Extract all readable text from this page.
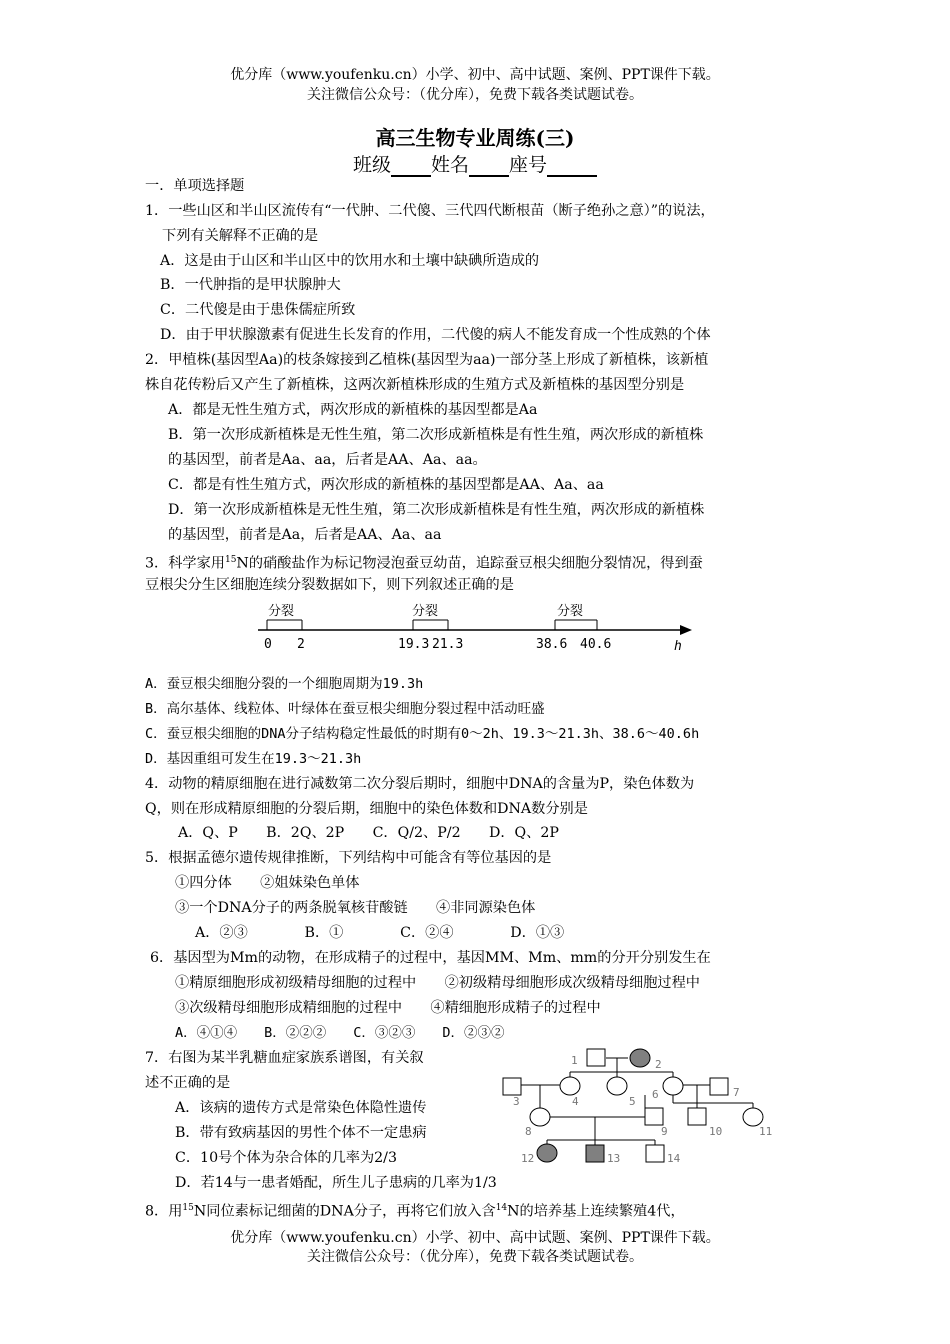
优分库（www.youfenku.cn）小学、初中、高中试题、案例、PPT课件下载。
关注微信公众号：（优分库），免费下载各类试题试卷。
高三生物专业周练(三)
班级 姓名 座号
一．单项选择题
1．一些山区和半山区流传有“一代肿、二代傻、三代四代断根苗（断子绝孙之意）”的说法，
下列有关解释不正确的是
A．这是由于山区和半山区中的饮用水和土壤中缺碘所造成的
B．一代肿指的是甲状腺肿大
C．二代傻是由于患侏儒症所致
D．由于甲状腺激素有促进生长发育的作用，二代傻的病人不能发育成一个性成熟的个体
2．甲植株(基因型Aa)的枝条嫁接到乙植株(基因型为aa)一部分茎上形成了新植株，该新植
株自花传粉后又产生了新植株，这两次新植株形成的生殖方式及新植株的基因型分别是
A．都是无性生殖方式，两次形成的新植株的基因型都是Aa
B．第一次形成新植株是无性生殖，第二次形成新植株是有性生殖，两次形成的新植株
的基因型，前者是Aa、aa，后者是AA、Aa、aa。
C．都是有性生殖方式，两次形成的新植株的基因型都是AA、Aa、aa
D．第一次形成新植株是无性生殖，第二次形成新植株是有性生殖，两次形成的新植株
的基因型，前者是Aa，后者是AA、Aa、aa
3．科学家用$^{15}$N的硝酸盐作为标记物浸泡蚕豆幼苗，追踪蚕豆根尖细胞分裂情况，得到蚕
豆根尖分生区细胞连续分裂数据如下，则下列叙述正确的是
分裂	分裂	分裂
0 2	19.3 21.3	38.6 40.6	h
A．蚕豆根尖细胞分裂的一个细胞周期为19.3h
B．高尔基体、线粒体、叶绿体在蚕豆根尖细胞分裂过程中活动旺盛
C．蚕豆根尖细胞的DNA分子结构稳定性最低的时期有0～2h、19.3～21.3h、38.6～40.6h
D．基因重组可发生在19.3～21.3h
4．动物的精原细胞在进行减数第二次分裂后期时，细胞中DNA的含量为P，染色体数为
Q，则在形成精原细胞的分裂后期，细胞中的染色体数和DNA数分别是
A．Q、P　　B．2Q、2P　　C．Q/2、P/2　　D．Q、2P
5．根据孟德尔遗传规律推断，下列结构中可能含有等位基因的是
①四分体　　②姐妹染色单体
③一个DNA分子的两条脱氧核苷酸链　　④非同源染色体
A．②③　　　　B．①　　　　C．②④　　　　D．①③
6．基因型为Mm的动物，在形成精子的过程中，基因MM、Mm、mm的分开分别发生在
①精原细胞形成初级精母细胞的过程中　　②初级精母细胞形成次级精母细胞过程中
③次级精母细胞形成精细胞的过程中　　④精细胞形成精子的过程中
A．④①④　　B．②②②　　C．③②③　　D．②③②
7．右图为某半乳糖血症家族系谱图，有关叙
述不正确的是
A．该病的遗传方式是常染色体隐性遗传
B．带有致病基因的男性个体不一定患病
C．10号个体为杂合体的几率为2/3
D．若14与一患者婚配，所生儿子患病的几率为1/3
1	2
3	4	5
6	7
8	9	10	11
12	13	14
8．用$^{15}$N同位素标记细菌的DNA分子，再将它们放入含$^{14}$N的培养基上连续繁殖4代，
优分库（www.youfenku.cn）小学、初中、高中试题、案例、PPT课件下载。
关注微信公众号：（优分库），免费下载各类试题试卷。
